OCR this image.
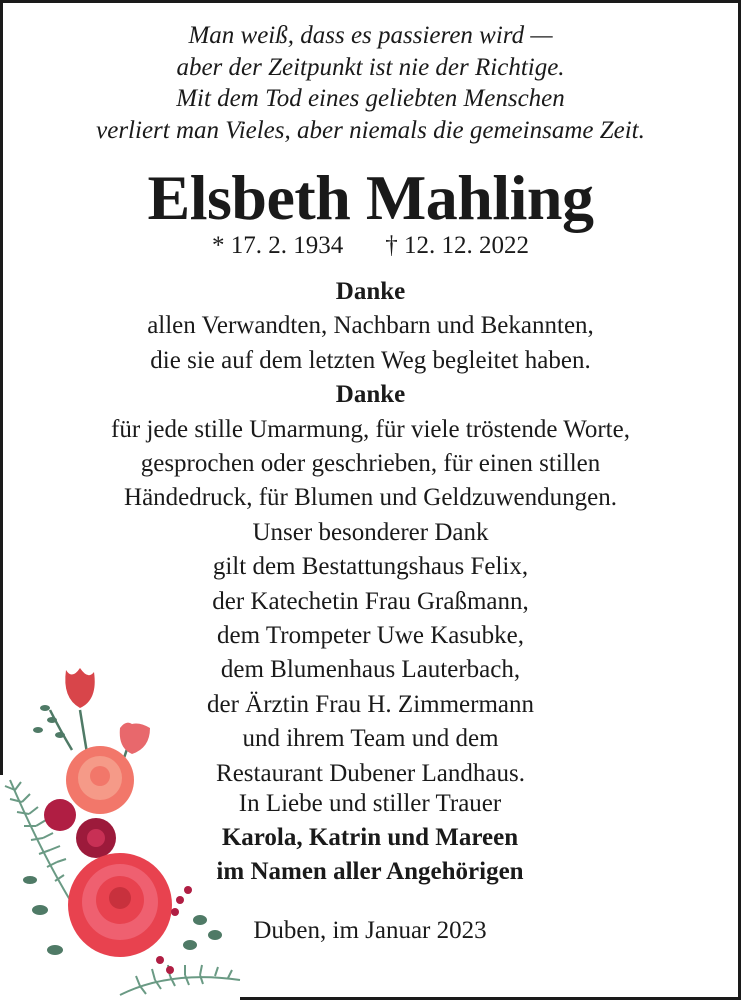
Man weiß, dass es passieren wird —
aber der Zeitpunkt ist nie der Richtige.
Mit dem Tod eines geliebten Menschen
verliert man Vieles, aber niemals die gemeinsame Zeit.
Elsbeth Mahling
* 17. 2. 1934 † 12. 12. 2022
Danke
allen Verwandten, Nachbarn und Bekannten,
die sie auf dem letzten Weg begleitet haben.
Danke
für jede stille Umarmung, für viele tröstende Worte,
gesprochen oder geschrieben, für einen stillen
Händedruck, für Blumen und Geldzuwendungen.
Unser besonderer Dank
gilt dem Bestattungshaus Felix,
der Katechetin Frau Graßmann,
dem Trompeter Uwe Kasubke,
dem Blumenhaus Lauterbach,
der Ärztin Frau H. Zimmermann
und ihrem Team und dem
Restaurant Dubener Landhaus.
In Liebe und stiller Trauer
Karola, Katrin und Mareen
im Namen aller Angehörigen
Duben, im Januar 2023
